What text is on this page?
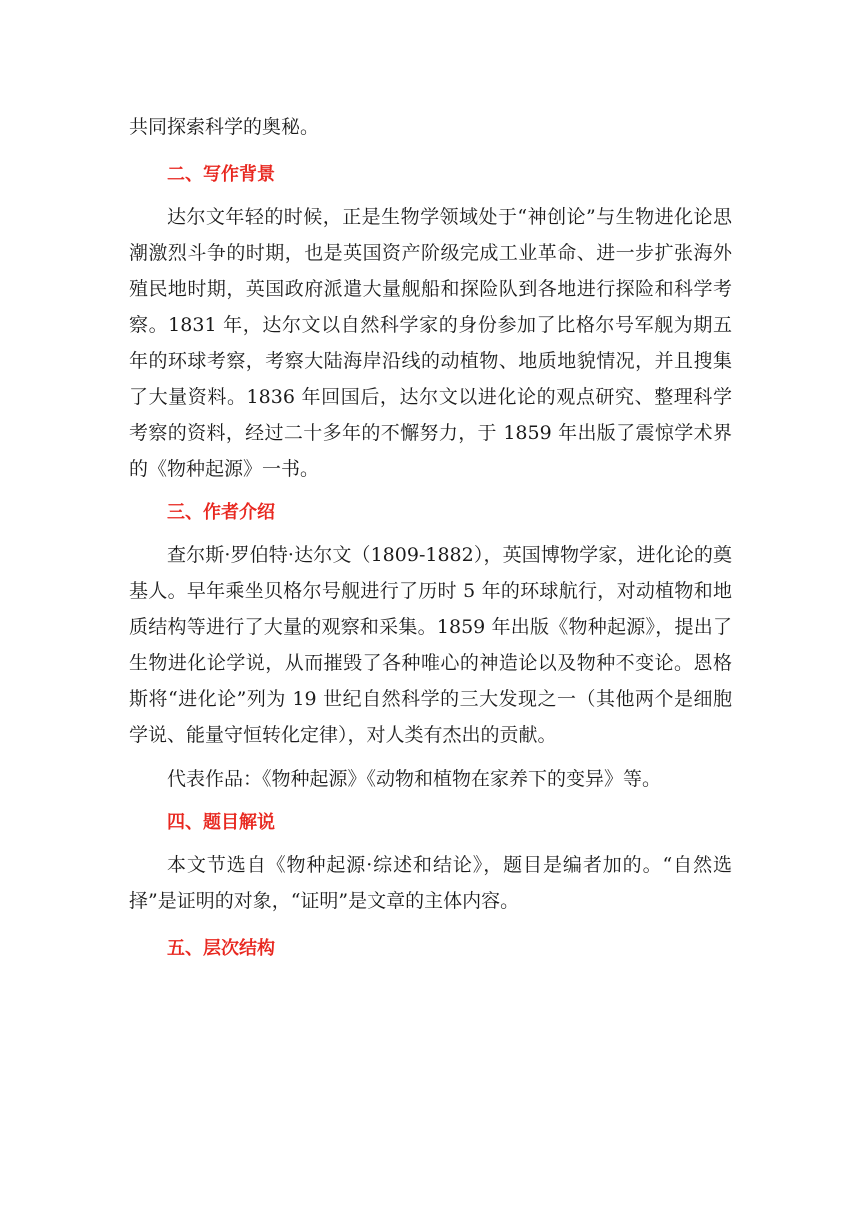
共同探索科学的奥秘。

二、写作背景

达尔文年轻的时候，正是生物学领域处于“神创论”与生物进化论思潮激烈斗争的时期，也是英国资产阶级完成工业革命、进一步扩张海外殖民地时期，英国政府派遣大量舰船和探险队到各地进行探险和科学考察。1831 年，达尔文以自然科学家的身份参加了比格尔号军舰为期五年的环球考察，考察大陆海岸沿线的动植物、地质地貌情况，并且搜集了大量资料。1836 年回国后，达尔文以进化论的观点研究、整理科学考察的资料，经过二十多年的不懈努力，于 1859 年出版了震惊学术界的《物种起源》一书。

三、作者介绍

查尔斯·罗伯特·达尔文（1809-1882），英国博物学家，进化论的奠基人。早年乘坐贝格尔号舰进行了历时 5 年的环球航行，对动植物和地质结构等进行了大量的观察和采集。1859 年出版《物种起源》，提出了生物进化论学说，从而摧毁了各种唯心的神造论以及物种不变论。恩格斯将“进化论”列为 19 世纪自然科学的三大发现之一（其他两个是细胞学说、能量守恒转化定律），对人类有杰出的贡献。

代表作品：《物种起源》《动物和植物在家养下的变异》等。

四、题目解说

本文节选自《物种起源·综述和结论》，题目是编者加的。“自然选择”是证明的对象，“证明”是文章的主体内容。

五、层次结构
